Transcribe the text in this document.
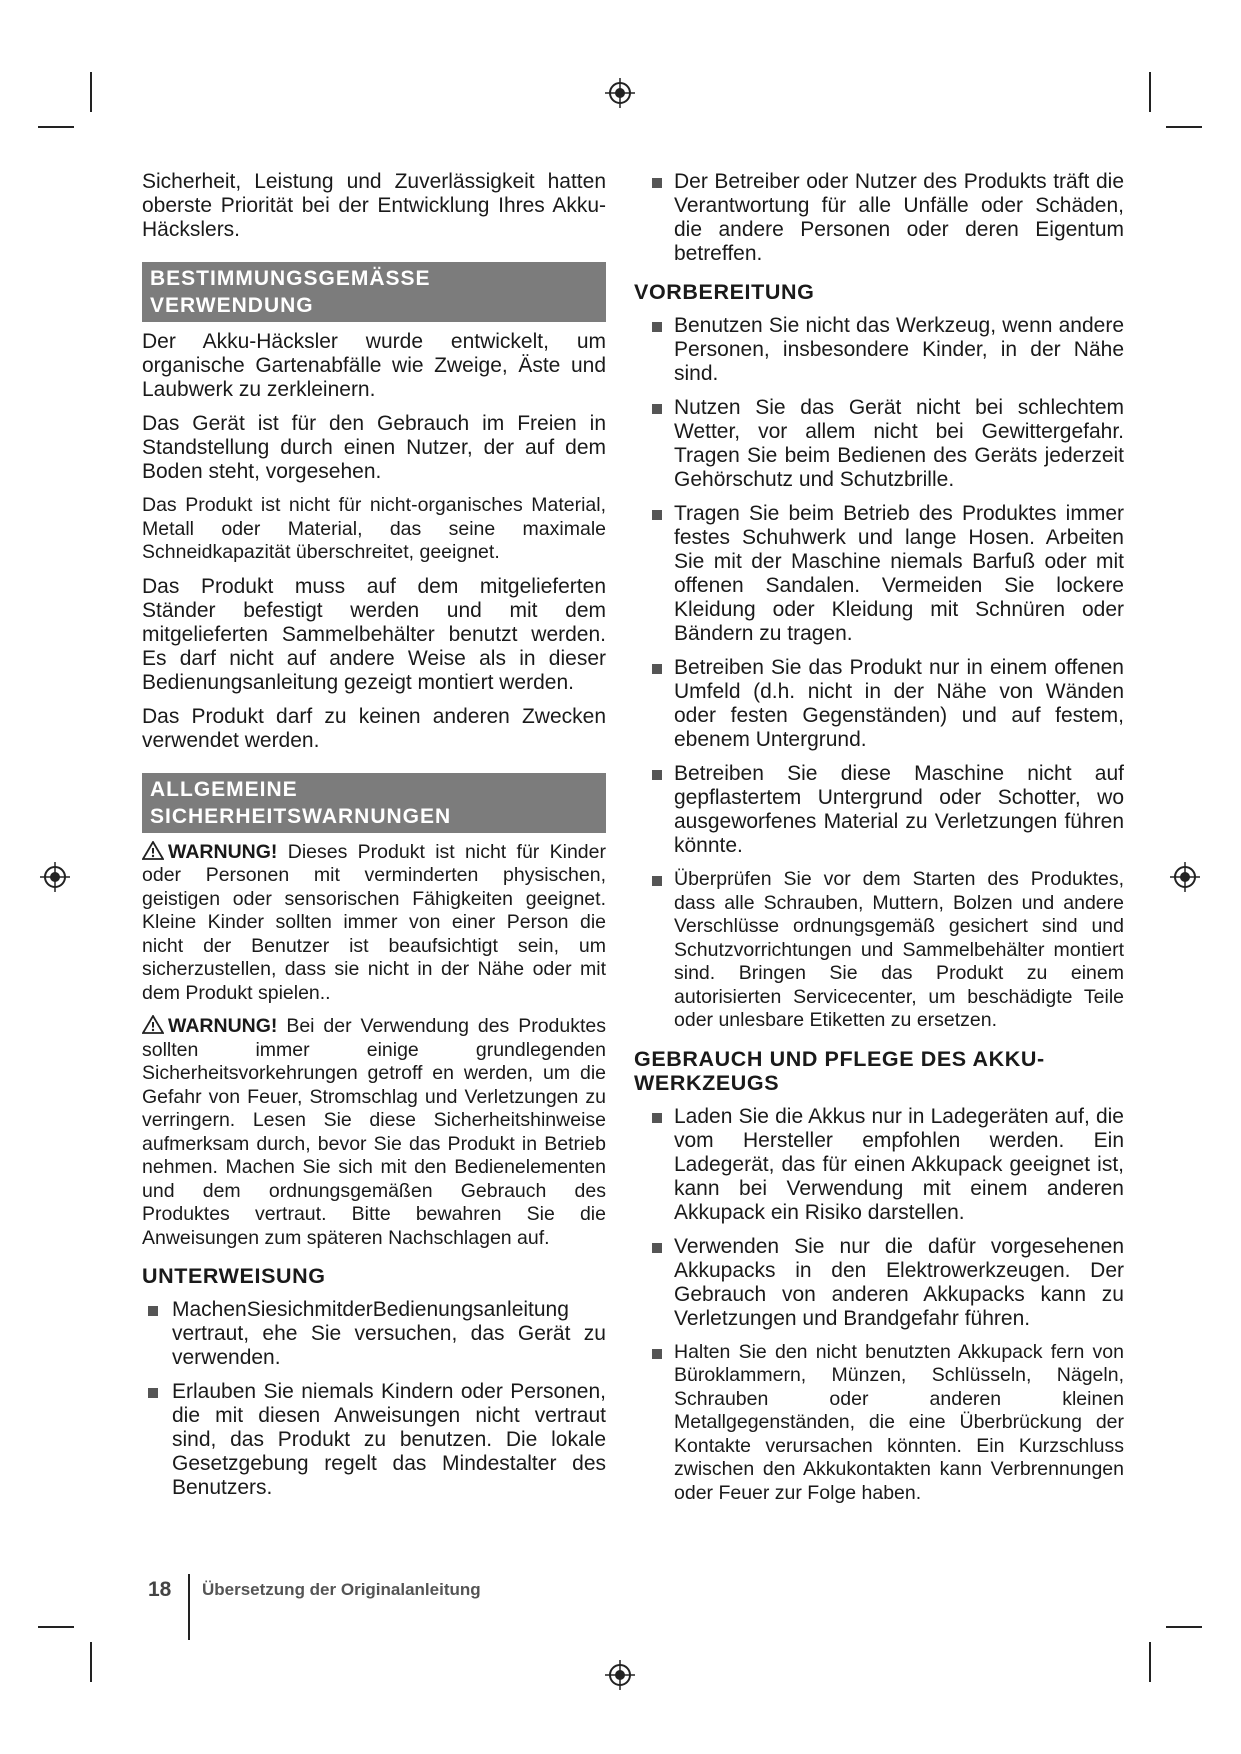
Sicherheit, Leistung und Zuverlässigkeit hatten oberste Priorität bei der Entwicklung Ihres Akku-Häckslers.

BESTIMMUNGSGEMÄSSE VERWENDUNG

Der Akku-Häcksler wurde entwickelt, um organische Gartenabfälle wie Zweige, Äste und Laubwerk zu zerkleinern.

Das Gerät ist für den Gebrauch im Freien in Standstellung durch einen Nutzer, der auf dem Boden steht, vorgesehen.

Das Produkt ist nicht für nicht-organisches Material, Metall oder Material, das seine maximale Schneidkapazität überschreitet, geeignet.

Das Produkt muss auf dem mitgelieferten Ständer befestigt werden und mit dem mitgelieferten Sammelbehälter benutzt werden. Es darf nicht auf andere Weise als in dieser Bedienungsanleitung gezeigt montiert werden.

Das Produkt darf zu keinen anderen Zwecken verwendet werden.

ALLGEMEINE SICHERHEITSWARNUNGEN

WARNUNG! Dieses Produkt ist nicht für Kinder oder Personen mit verminderten physischen, geistigen oder sensorischen Fähigkeiten geeignet. Kleine Kinder sollten immer von einer Person die nicht der Benutzer ist beaufsichtigt sein, um sicherzustellen, dass sie nicht in der Nähe oder mit dem Produkt spielen..

WARNUNG! Bei der Verwendung des Produktes sollten immer einige grundlegenden Sicherheitsvorkehrungen getroff en werden, um die Gefahr von Feuer, Stromschlag und Verletzungen zu verringern. Lesen Sie diese Sicherheitshinweise aufmerksam durch, bevor Sie das Produkt in Betrieb nehmen. Machen Sie sich mit den Bedienelementen und dem ordnungsgemäßen Gebrauch des Produktes vertraut. Bitte bewahren Sie die Anweisungen zum späteren Nachschlagen auf.

UNTERWEISUNG
MachenSiesichmitderBedienungsanleitung vertraut, ehe Sie versuchen, das Gerät zu verwenden.
Erlauben Sie niemals Kindern oder Personen, die mit diesen Anweisungen nicht vertraut sind, das Produkt zu benutzen. Die lokale Gesetzgebung regelt das Mindestalter des Benutzers.
Der Betreiber oder Nutzer des Produkts träft die Verantwortung für alle Unfälle oder Schäden, die andere Personen oder deren Eigentum betreffen.
VORBEREITUNG
Benutzen Sie nicht das Werkzeug, wenn andere Personen, insbesondere Kinder, in der Nähe sind.
Nutzen Sie das Gerät nicht bei schlechtem Wetter, vor allem nicht bei Gewittergefahr. Tragen Sie beim Bedienen des Geräts jederzeit Gehörschutz und Schutzbrille.
Tragen Sie beim Betrieb des Produktes immer festes Schuhwerk und lange Hosen. Arbeiten Sie mit der Maschine niemals Barfuß oder mit offenen Sandalen. Vermeiden Sie lockere Kleidung oder Kleidung mit Schnüren oder Bändern zu tragen.
Betreiben Sie das Produkt nur in einem offenen Umfeld (d.h. nicht in der Nähe von Wänden oder festen Gegenständen) und auf festem, ebenem Untergrund.
Betreiben Sie diese Maschine nicht auf gepflastertem Untergrund oder Schotter, wo ausgeworfenes Material zu Verletzungen führen könnte.
Überprüfen Sie vor dem Starten des Produktes, dass alle Schrauben, Muttern, Bolzen und andere Verschlüsse ordnungsgemäß gesichert sind und Schutzvorrichtungen und Sammelbehälter montiert sind. Bringen Sie das Produkt zu einem autorisierten Servicecenter, um beschädigte Teile oder unlesbare Etiketten zu ersetzen.
GEBRAUCH UND PFLEGE DES AKKU-WERKZEUGS
Laden Sie die Akkus nur in Ladegeräten auf, die vom Hersteller empfohlen werden. Ein Ladegerät, das für einen Akkupack geeignet ist, kann bei Verwendung mit einem anderen Akkupack ein Risiko darstellen.
Verwenden Sie nur die dafür vorgesehenen Akkupacks in den Elektrowerkzeugen. Der Gebrauch von anderen Akkupacks kann zu Verletzungen und Brandgefahr führen.
Halten Sie den nicht benutzten Akkupack fern von Büroklammern, Münzen, Schlüsseln, Nägeln, Schrauben oder anderen kleinen Metallgegenständen, die eine Überbrückung der Kontakte verursachen könnten. Ein Kurzschluss zwischen den Akkukontakten kann Verbrennungen oder Feuer zur Folge haben.
18 Übersetzung der Originalanleitung
